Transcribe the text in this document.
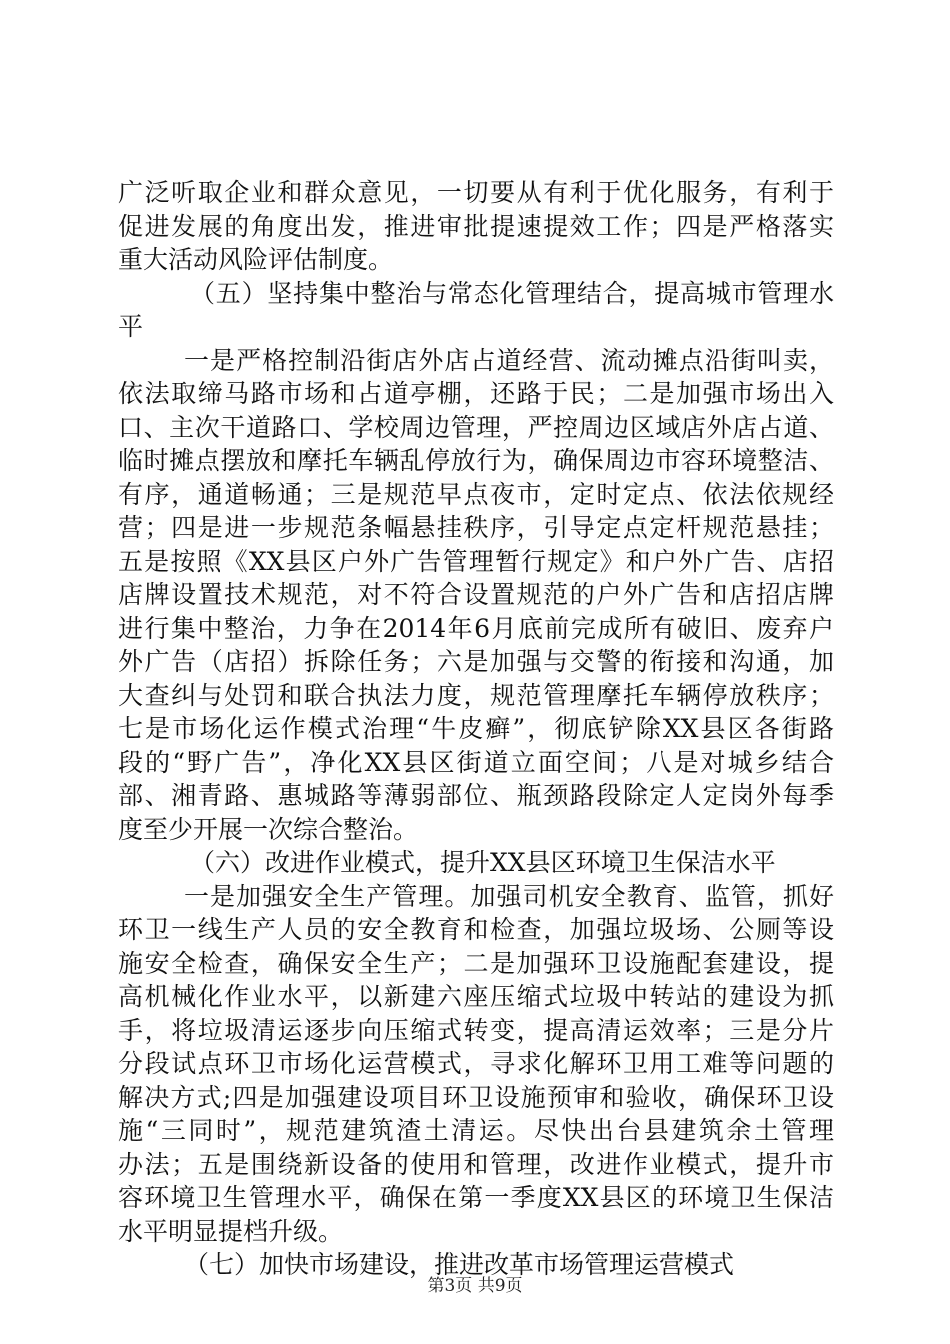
广泛听取企业和群众意见，一切要从有利于优化服务，有利于
促进发展的角度出发，推进审批提速提效工作；四是严格落实
重大活动风险评估制度。
（五）坚持集中整治与常态化管理结合，提高城市管理水
平
一是严格控制沿街店外店占道经营、流动摊点沿街叫卖，
依法取缔马路市场和占道亭棚，还路于民；二是加强市场出入
口、主次干道路口、学校周边管理，严控周边区域店外店占道、
临时摊点摆放和摩托车辆乱停放行为，确保周边市容环境整洁、
有序，通道畅通；三是规范早点夜市，定时定点、依法依规经
营；四是进一步规范条幅悬挂秩序，引导定点定杆规范悬挂；
五是按照《XX县区户外广告管理暂行规定》和户外广告、店招
店牌设置技术规范，对不符合设置规范的户外广告和店招店牌
进行集中整治，力争在2014年6月底前完成所有破旧、废弃户
外广告（店招）拆除任务；六是加强与交警的衔接和沟通，加
大查纠与处罚和联合执法力度，规范管理摩托车辆停放秩序；
七是市场化运作模式治理“牛皮癣”，彻底铲除XX县区各街路
段的“野广告”，净化XX县区街道立面空间；八是对城乡结合
部、湘青路、惠城路等薄弱部位、瓶颈路段除定人定岗外每季
度至少开展一次综合整治。
（六）改进作业模式，提升XX县区环境卫生保洁水平
一是加强安全生产管理。加强司机安全教育、监管，抓好
环卫一线生产人员的安全教育和检查，加强垃圾场、公厕等设
施安全检查，确保安全生产；二是加强环卫设施配套建设，提
高机械化作业水平，以新建六座压缩式垃圾中转站的建设为抓
手，将垃圾清运逐步向压缩式转变，提高清运效率；三是分片
分段试点环卫市场化运营模式，寻求化解环卫用工难等问题的
解决方式;四是加强建设项目环卫设施预审和验收，确保环卫设
施“三同时”，规范建筑渣土清运。尽快出台县建筑余土管理
办法；五是围绕新设备的使用和管理，改进作业模式，提升市
容环境卫生管理水平，确保在第一季度XX县区的环境卫生保洁
水平明显提档升级。
（七）加快市场建设，推进改革市场管理运营模式
第3页 共9页
